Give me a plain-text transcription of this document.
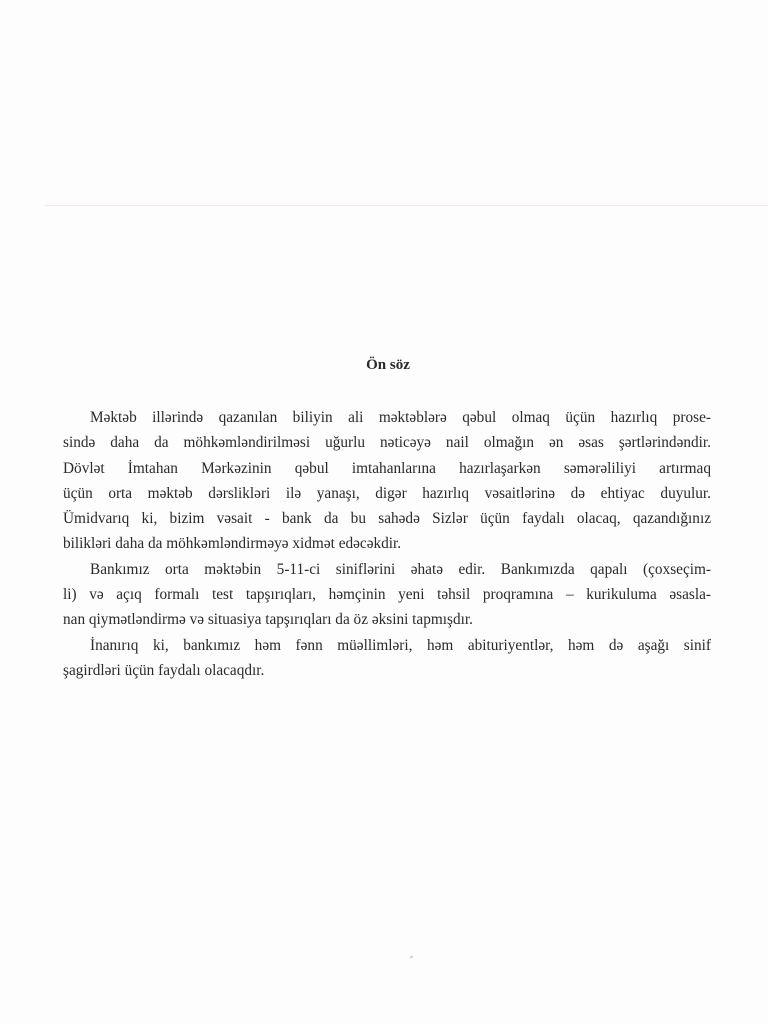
Ön söz
Məktəb illərində qazanılan biliyin ali məktəblərə qəbul olmaq üçün hazırlıq prose-
sində daha da möhkəmləndirilməsi uğurlu nəticəyə nail olmağın ən əsas şərtlərindəndir.
Dövlət İmtahan Mərkəzinin qəbul imtahanlarına hazırlaşarkən səmərəliliyi artırmaq
üçün orta məktəb dərslikləri ilə yanaşı, digər hazırlıq vəsaitlərinə də ehtiyac duyulur.
Ümidvarıq ki, bizim vəsait - bank da bu sahədə Sizlər üçün faydalı olacaq, qazandığınız
bilikləri daha da möhkəmləndirməyə xidmət edəcəkdir.
Bankımız orta məktəbin 5-11-ci siniflərini əhatə edir. Bankımızda qapalı (çoxseçim-
li) və açıq formalı test tapşırıqları, həmçinin yeni təhsil proqramına – kurikuluma əsasla-
nan qiymətləndirmə və situasiya tapşırıqları da öz əksini tapmışdır.
İnanırıq ki, bankımız həm fənn müəllimləri, həm abituriyentlər, həm də aşağı sinif
şagirdləri üçün faydalı olacaqdır.
